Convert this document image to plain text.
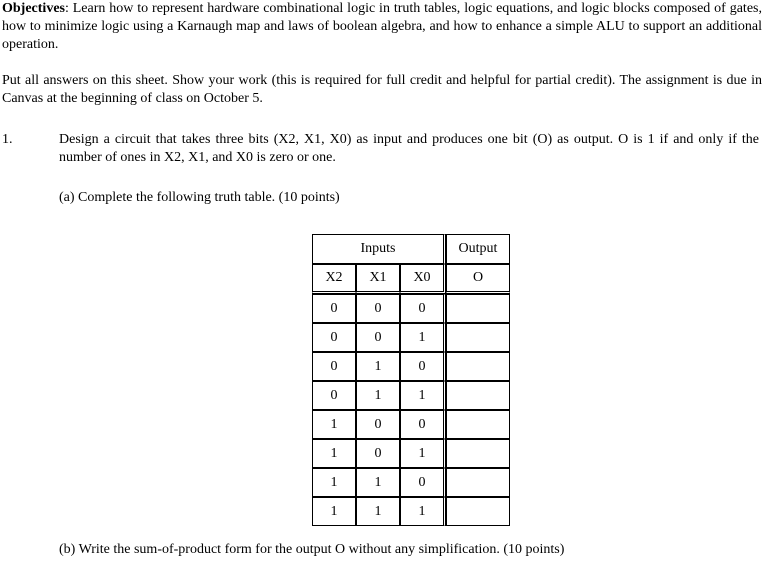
Objectives: Learn how to represent hardware combinational logic in truth tables, logic equations, and logic blocks composed of gates, how to minimize logic using a Karnaugh map and laws of boolean algebra, and how to enhance a simple ALU to support an additional operation.

Put all answers on this sheet. Show your work (this is required for full credit and helpful for partial credit). The assignment is due in Canvas at the beginning of class on October 5.

1.	Design a circuit that takes three bits (X2, X1, X0) as input and produces one bit (O) as output. O is 1 if and only if the number of ones in X2, X1, and X0 is zero or one.

(a) Complete the following truth table. (10 points)

Inputs			Output
X2	X1	X0	O
0	0	0	
0	0	1	
0	1	0	
0	1	1	
1	0	0	
1	0	1	
1	1	0	
1	1	1	

(b) Write the sum-of-product form for the output O without any simplification. (10 points)
